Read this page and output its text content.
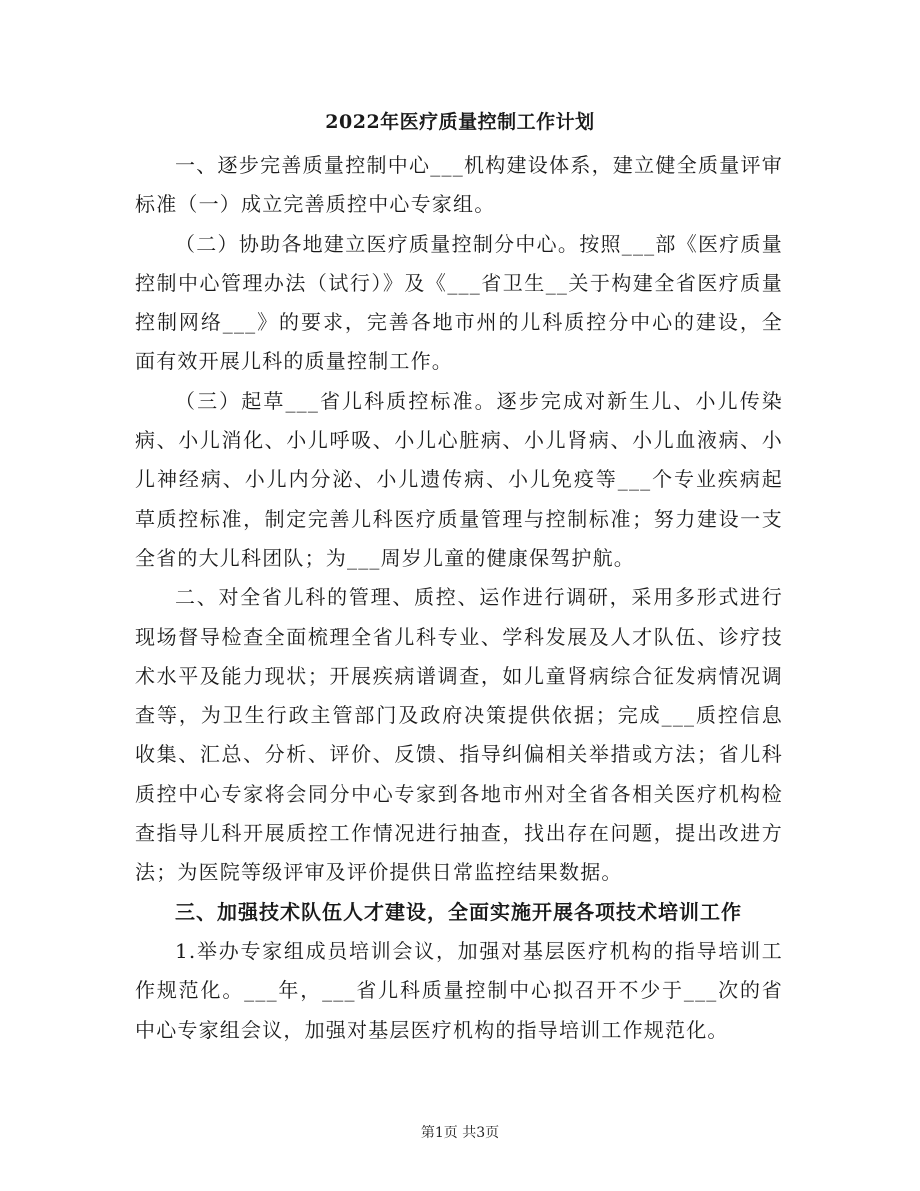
2022年医疗质量控制工作计划

一、逐步完善质量控制中心___机构建设体系，建立健全质量评审标准（一）成立完善质控中心专家组。

（二）协助各地建立医疗质量控制分中心。按照___部《医疗质量控制中心管理办法（试行）》及《___省卫生__关于构建全省医疗质量控制网络___》的要求，完善各地市州的儿科质控分中心的建设，全面有效开展儿科的质量控制工作。

（三）起草___省儿科质控标准。逐步完成对新生儿、小儿传染病、小儿消化、小儿呼吸、小儿心脏病、小儿肾病、小儿血液病、小儿神经病、小儿内分泌、小儿遗传病、小儿免疫等___个专业疾病起草质控标准，制定完善儿科医疗质量管理与控制标准；努力建设一支全省的大儿科团队；为___周岁儿童的健康保驾护航。

二、对全省儿科的管理、质控、运作进行调研，采用多形式进行现场督导检查全面梳理全省儿科专业、学科发展及人才队伍、诊疗技术水平及能力现状；开展疾病谱调查，如儿童肾病综合征发病情况调查等，为卫生行政主管部门及政府决策提供依据；完成___质控信息收集、汇总、分析、评价、反馈、指导纠偏相关举措或方法；省儿科质控中心专家将会同分中心专家到各地市州对全省各相关医疗机构检查指导儿科开展质控工作情况进行抽查，找出存在问题，提出改进方法；为医院等级评审及评价提供日常监控结果数据。

三、加强技术队伍人才建设，全面实施开展各项技术培训工作

1.举办专家组成员培训会议，加强对基层医疗机构的指导培训工作规范化。___年，___省儿科质量控制中心拟召开不少于___次的省中心专家组会议，加强对基层医疗机构的指导培训工作规范化。

第1页 共3页
